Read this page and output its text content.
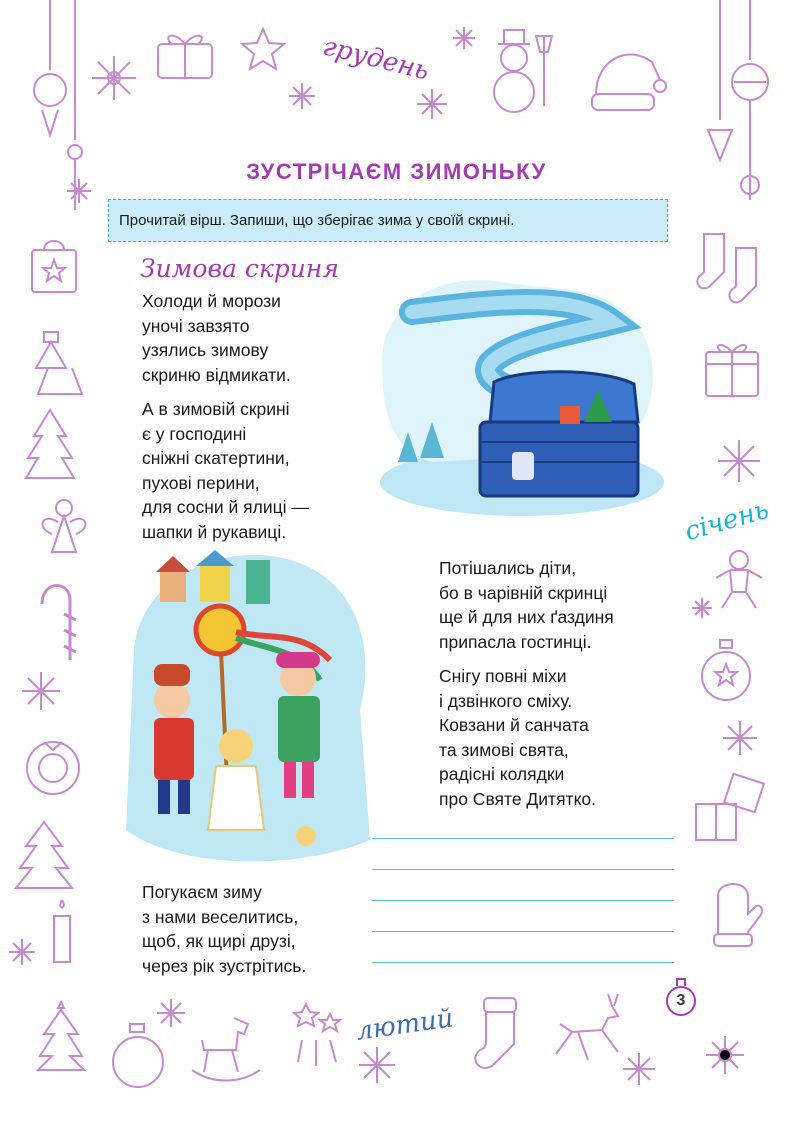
грудень
січень
лютий
ЗУСТРІЧАЄМ ЗИМОНЬКУ
Прочитай вірш. Запиши, що зберігає зима у своїй скрині.
Зимова скриня
Холоди й морози
уночі завзято
узялись зимову
скриню відмикати.
А в зимовій скрині
є у господині
сніжні скатертини,
пухові перини,
для сосни й ялиці —
шапки й рукавиці.
Потішались діти,
бо в чарівній скринці
ще й для них ґаздиня
припасла гостинці.
Снігу повні міхи
і дзвінкого сміху.
Ковзани й санчата
та зимові свята,
радісні колядки
про Святе Дитятко.
Погукаєм зиму
з нами веселитись,
щоб, як щирі друзі,
через рік зустрітись.
3
